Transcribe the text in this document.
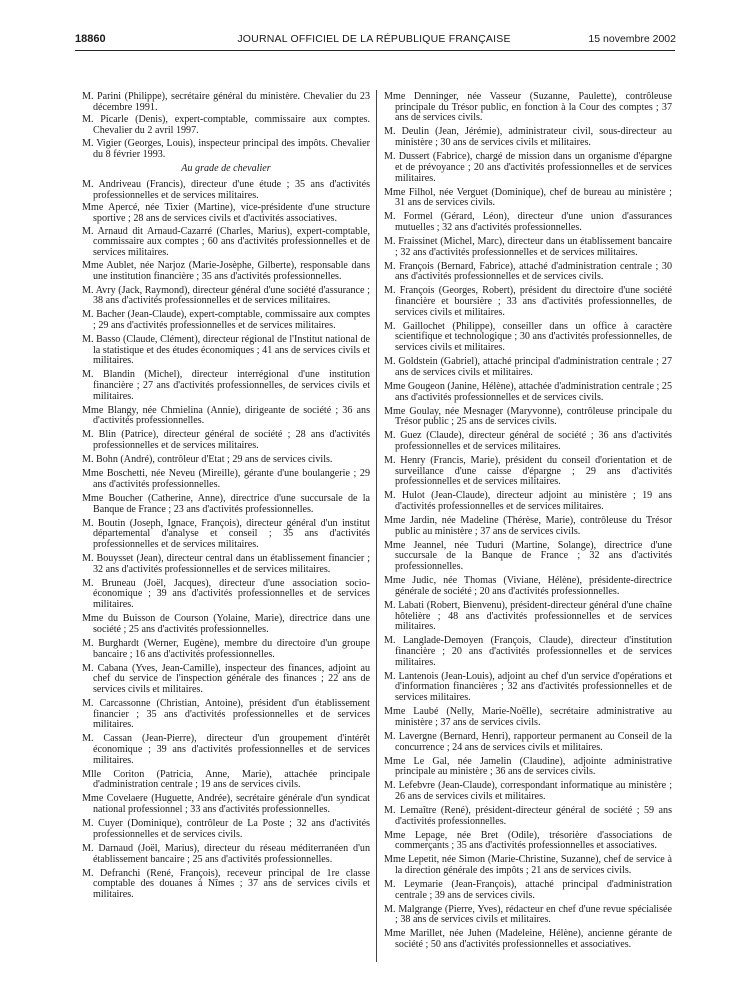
18860	JOURNAL OFFICIEL DE LA RÉPUBLIQUE FRANÇAISE	15 novembre 2002

M. Parini (Philippe), secrétaire général du ministère. Chevalier du 23 décembre 1991.

M. Picarle (Denis), expert-comptable, commissaire aux comptes. Chevalier du 2 avril 1997.

M. Vigier (Georges, Louis), inspecteur principal des impôts. Chevalier du 8 février 1993.

Au grade de chevalier

M. Andriveau (Francis), directeur d'une étude ; 35 ans d'activités professionnelles et de services militaires.

Mme Apercé, née Tixier (Martine), vice-présidente d'une structure sportive ; 28 ans de services civils et d'activités associatives.

M. Arnaud dit Arnaud-Cazarré (Charles, Marius), expert-comptable, commissaire aux comptes ; 60 ans d'activités professionnelles et de services militaires.

Mme Aublet, née Narjoz (Marie-Josèphe, Gilberte), responsable dans une institution financière ; 35 ans d'activités professionnelles.

M. Avry (Jack, Raymond), directeur général d'une société d'assurance ; 38 ans d'activités professionnelles et de services militaires.

M. Bacher (Jean-Claude), expert-comptable, commissaire aux comptes ; 29 ans d'activités professionnelles et de services militaires.

M. Basso (Claude, Clément), directeur régional de l'Institut national de la statistique et des études économiques ; 41 ans de services civils et militaires.

M. Blandin (Michel), directeur interrégional d'une institution financière ; 27 ans d'activités professionnelles, de services civils et militaires.

Mme Blangy, née Chmielina (Annie), dirigeante de société ; 36 ans d'activités professionnelles.

M. Blin (Patrice), directeur général de société ; 28 ans d'activités professionnelles et de services militaires.

M. Bohn (André), contrôleur d'Etat ; 29 ans de services civils.

Mme Boschetti, née Neveu (Mireille), gérante d'une boulangerie ; 29 ans d'activités professionnelles.

Mme Boucher (Catherine, Anne), directrice d'une succursale de la Banque de France ; 23 ans d'activités professionnelles.

M. Boutin (Joseph, Ignace, François), directeur général d'un institut départemental d'analyse et conseil ; 35 ans d'activités professionnelles et de services militaires.

M. Bouysset (Jean), directeur central dans un établissement financier ; 32 ans d'activités professionnelles et de services militaires.

M. Bruneau (Joël, Jacques), directeur d'une association socio-économique ; 39 ans d'activités professionnelles et de services militaires.

Mme du Buisson de Courson (Yolaine, Marie), directrice dans une société ; 25 ans d'activités professionnelles.

M. Burghardt (Werner, Eugène), membre du directoire d'un groupe bancaire ; 16 ans d'activités professionnelles.

M. Cabana (Yves, Jean-Camille), inspecteur des finances, adjoint au chef du service de l'inspection générale des finances ; 22 ans de services civils et militaires.

M. Carcassonne (Christian, Antoine), président d'un établissement financier ; 35 ans d'activités professionnelles et de services militaires.

M. Cassan (Jean-Pierre), directeur d'un groupement d'intérêt économique ; 39 ans d'activités professionnelles et de services militaires.

Mlle Coriton (Patricia, Anne, Marie), attachée principale d'administration centrale ; 19 ans de services civils.

Mme Covelaere (Huguette, Andrée), secrétaire générale d'un syndicat national professionnel ; 33 ans d'activités professionnelles.

M. Cuyer (Dominique), contrôleur de La Poste ; 32 ans d'activités professionnelles et de services civils.

M. Darnaud (Joël, Marius), directeur du réseau méditerranéen d'un établissement bancaire ; 25 ans d'activités professionnelles.

M. Defranchi (René, François), receveur principal de 1re classe comptable des douanes à Nîmes ; 37 ans de services civils et militaires.

Mme Denninger, née Vasseur (Suzanne, Paulette), contrôleuse principale du Trésor public, en fonction à la Cour des comptes ; 37 ans de services civils.

M. Deulin (Jean, Jérémie), administrateur civil, sous-directeur au ministère ; 30 ans de services civils et militaires.

M. Dussert (Fabrice), chargé de mission dans un organisme d'épargne et de prévoyance ; 20 ans d'activités professionnelles et de services militaires.

Mme Filhol, née Verguet (Dominique), chef de bureau au ministère ; 31 ans de services civils.

M. Formel (Gérard, Léon), directeur d'une union d'assurances mutuelles ; 32 ans d'activités professionnelles.

M. Fraissinet (Michel, Marc), directeur dans un établissement bancaire ; 32 ans d'activités professionnelles et de services militaires.

M. François (Bernard, Fabrice), attaché d'administration centrale ; 30 ans d'activités professionnelles et de services civils.

M. François (Georges, Robert), président du directoire d'une société financière et boursière ; 33 ans d'activités professionnelles, de services civils et militaires.

M. Gaillochet (Philippe), conseiller dans un office à caractère scientifique et technologique ; 30 ans d'activités professionnelles, de services civils et militaires.

M. Goldstein (Gabriel), attaché principal d'administration centrale ; 27 ans de services civils et militaires.

Mme Gougeon (Janine, Hélène), attachée d'administration centrale ; 25 ans d'activités professionnelles et de services civils.

Mme Goulay, née Mesnager (Maryvonne), contrôleuse principale du Trésor public ; 25 ans de services civils.

M. Guez (Claude), directeur général de société ; 36 ans d'activités professionnelles et de services militaires.

M. Henry (Francis, Marie), président du conseil d'orientation et de surveillance d'une caisse d'épargne ; 29 ans d'activités professionnelles et de services militaires.

M. Hulot (Jean-Claude), directeur adjoint au ministère ; 19 ans d'activités professionnelles et de services militaires.

Mme Jardin, née Madeline (Thérèse, Marie), contrôleuse du Trésor public au ministère ; 37 ans de services civils.

Mme Jeannel, née Tuduri (Martine, Solange), directrice d'une succursale de la Banque de France ; 32 ans d'activités professionnelles.

Mme Judic, née Thomas (Viviane, Hélène), présidente-directrice générale de société ; 20 ans d'activités professionnelles.

M. Labati (Robert, Bienvenu), président-directeur général d'une chaîne hôtelière ; 48 ans d'activités professionnelles et de services militaires.

M. Langlade-Demoyen (François, Claude), directeur d'institution financière ; 20 ans d'activités professionnelles et de services militaires.

M. Lantenois (Jean-Louis), adjoint au chef d'un service d'opérations et d'information financières ; 32 ans d'activités professionnelles et de services militaires.

Mme Laubé (Nelly, Marie-Noëlle), secrétaire administrative au ministère ; 37 ans de services civils.

M. Lavergne (Bernard, Henri), rapporteur permanent au Conseil de la concurrence ; 24 ans de services civils et militaires.

Mme Le Gal, née Jamelin (Claudine), adjointe administrative principale au ministère ; 36 ans de services civils.

M. Lefebvre (Jean-Claude), correspondant informatique au ministère ; 26 ans de services civils et militaires.

M. Lemaître (René), président-directeur général de société ; 59 ans d'activités professionnelles.

Mme Lepage, née Bret (Odile), trésorière d'associations de commerçants ; 35 ans d'activités professionnelles et associatives.

Mme Lepetit, née Simon (Marie-Christine, Suzanne), chef de service à la direction générale des impôts ; 21 ans de services civils.

M. Leymarie (Jean-François), attaché principal d'administration centrale ; 39 ans de services civils.

M. Malgrange (Pierre, Yves), rédacteur en chef d'une revue spécialisée ; 38 ans de services civils et militaires.

Mme Marillet, née Juhen (Madeleine, Hélène), ancienne gérante de société ; 50 ans d'activités professionnelles et associatives.
